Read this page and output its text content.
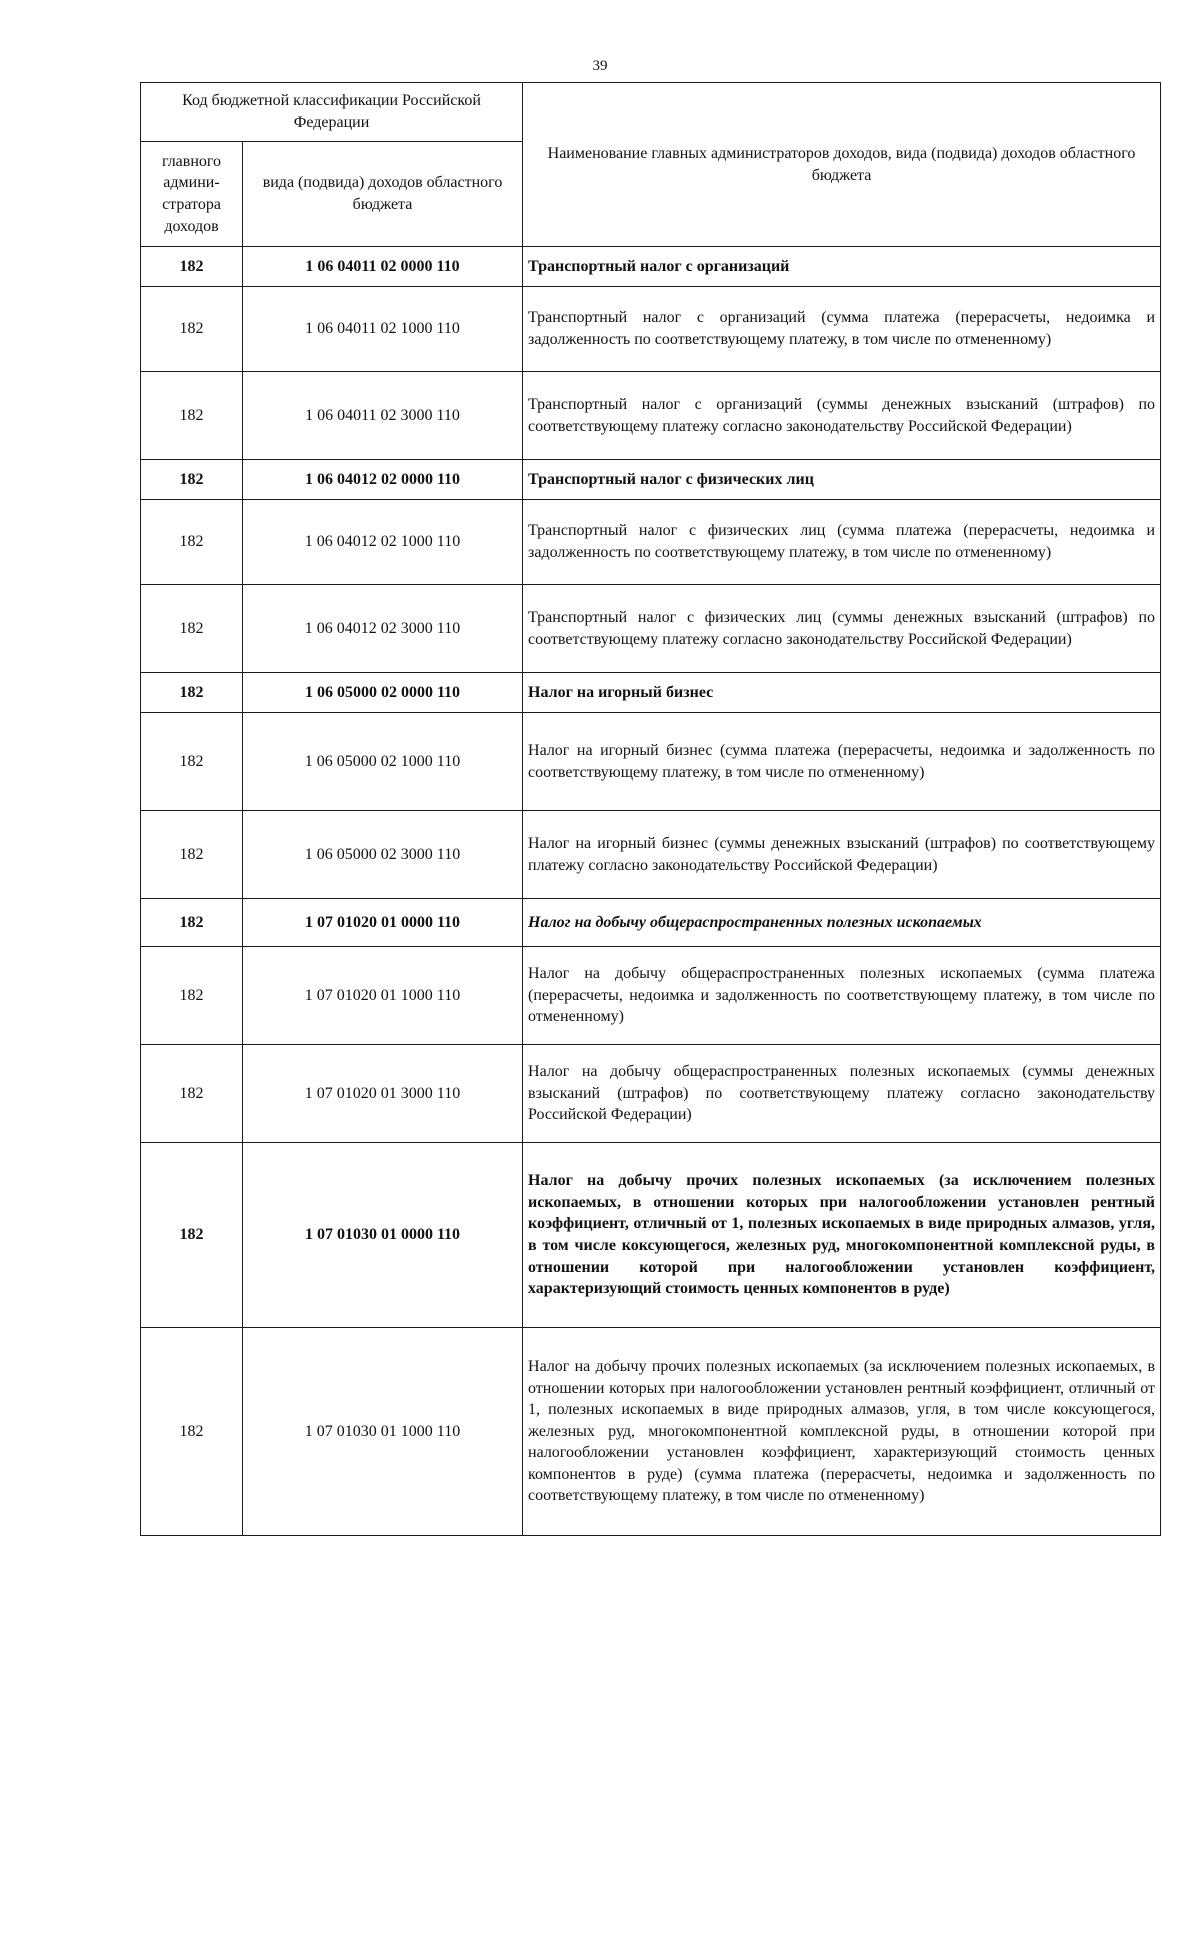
39
Код бюджетной классификации Российской Федерации		Наименование главных администраторов доходов, вида (подвида) доходов областного бюджета
главного админи-стратора доходов	вида (подвида) доходов областного бюджета	
182	1 06 04011 02 0000 110	Транспортный налог с организаций
182	1 06 04011 02 1000 110	Транспортный налог с организаций (сумма платежа (перерасчеты, недоимка и задолженность по соответствующему платежу, в том числе по отмененному)
182	1 06 04011 02 3000 110	Транспортный налог с организаций (суммы денежных взысканий (штрафов) по соответствующему платежу согласно законодательству Российской Федерации)
182	1 06 04012 02 0000 110	Транспортный налог с физических лиц
182	1 06 04012 02 1000 110	Транспортный налог с физических лиц (сумма платежа (перерасчеты, недоимка и задолженность по соответствующему платежу, в том числе по отмененному)
182	1 06 04012 02 3000 110	Транспортный налог с физических лиц (суммы денежных взысканий (штрафов) по соответствующему платежу согласно законодательству Российской Федерации)
182	1 06 05000 02 0000 110	Налог на игорный бизнес
182	1 06 05000 02 1000 110	Налог на игорный бизнес (сумма платежа (перерасчеты, недоимка и задолженность по соответствующему платежу, в том числе по отмененному)
182	1 06 05000 02 3000 110	Налог на игорный бизнес (суммы денежных взысканий (штрафов) по соответствующему платежу согласно законодательству Российской Федерации)
182	1 07 01020 01 0000 110	Налог на добычу общераспространенных полезных ископаемых
182	1 07 01020 01 1000 110	Налог на добычу общераспространенных полезных ископаемых (сумма платежа (перерасчеты, недоимка и задолженность по соответствующему платежу, в том числе по отмененному)
182	1 07 01020 01 3000 110	Налог на добычу общераспространенных полезных ископаемых (суммы денежных взысканий (штрафов) по соответствующему платежу согласно законодательству Российской Федерации)
182	1 07 01030 01 0000 110	Налог на добычу прочих полезных ископаемых (за исключением полезных ископаемых, в отношении которых при налогообложении установлен рентный коэффициент, отличный от 1, полезных ископаемых в виде природных алмазов, угля, в том числе коксующегося, железных руд, многокомпонентной комплексной руды, в отношении которой при налогообложении установлен коэффициент, характеризующий стоимость ценных компонентов в руде)
182	1 07 01030 01 1000 110	Налог на добычу прочих полезных ископаемых (за исключением полезных ископаемых, в отношении которых при налогообложении установлен рентный коэффициент, отличный от 1, полезных ископаемых в виде природных алмазов, угля, в том числе коксующегося, железных руд, многокомпонентной комплексной руды, в отношении которой при налогообложении установлен коэффициент, характеризующий стоимость ценных компонентов в руде) (сумма платежа (перерасчеты, недоимка и задолженность по соответствующему платежу, в том числе по отмененному)
